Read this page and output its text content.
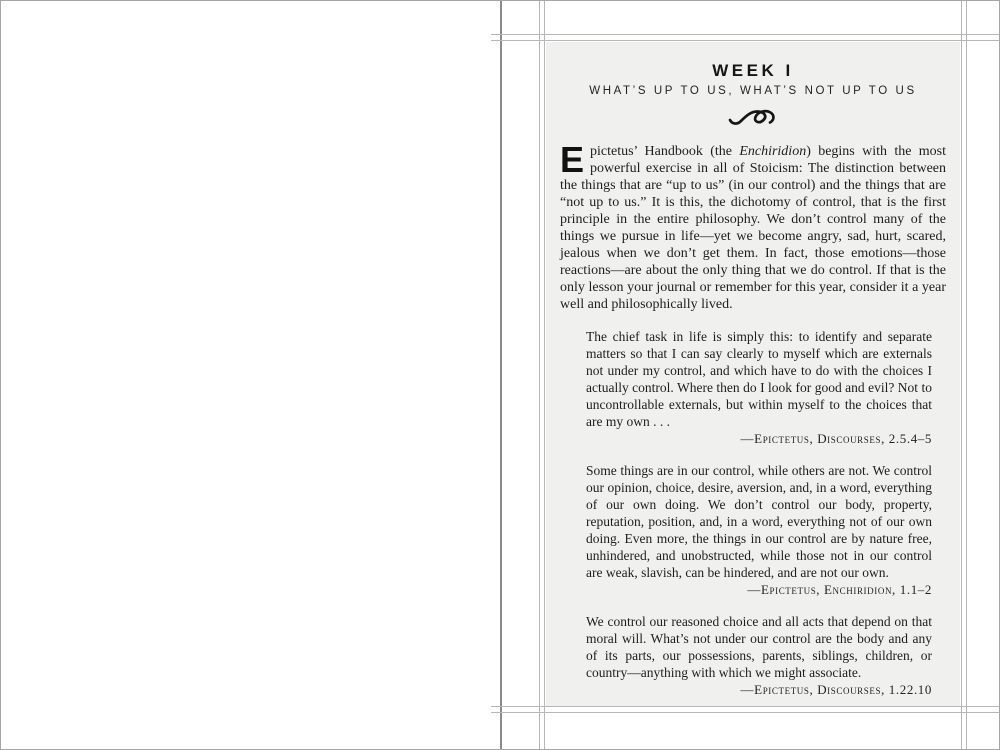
WEEK I
WHAT’S UP TO US, WHAT’S NOT UP TO US

Epictetus’ Handbook (the Enchiridion) begins with the most powerful exercise in all of Stoicism: The distinction between the things that are “up to us” (in our control) and the things that are “not up to us.” It is this, the dichotomy of control, that is the first principle in the entire philosophy. We don’t control many of the things we pursue in life—yet we become angry, sad, hurt, scared, jealous when we don’t get them. In fact, those emotions—those reactions—are about the only thing that we do control. If that is the only lesson your journal or remember for this year, consider it a year well and philosophically lived.

The chief task in life is simply this: to identify and separate matters so that I can say clearly to myself which are externals not under my control, and which have to do with the choices I actually control. Where then do I look for good and evil? Not to uncontrollable externals, but within myself to the choices that are my own . . .

—Epictetus, Discourses, 2.5.4–5

Some things are in our control, while others are not. We control our opinion, choice, desire, aversion, and, in a word, everything of our own doing. We don’t control our body, property, reputation, position, and, in a word, everything not of our own doing. Even more, the things in our control are by nature free, unhindered, and unobstructed, while those not in our control are weak, slavish, can be hindered, and are not our own.

—Epictetus, Enchiridion, 1.1–2

We control our reasoned choice and all acts that depend on that moral will. What’s not under our control are the body and any of its parts, our possessions, parents, siblings, children, or country—anything with which we might associate.

—Epictetus, Discourses, 1.22.10
